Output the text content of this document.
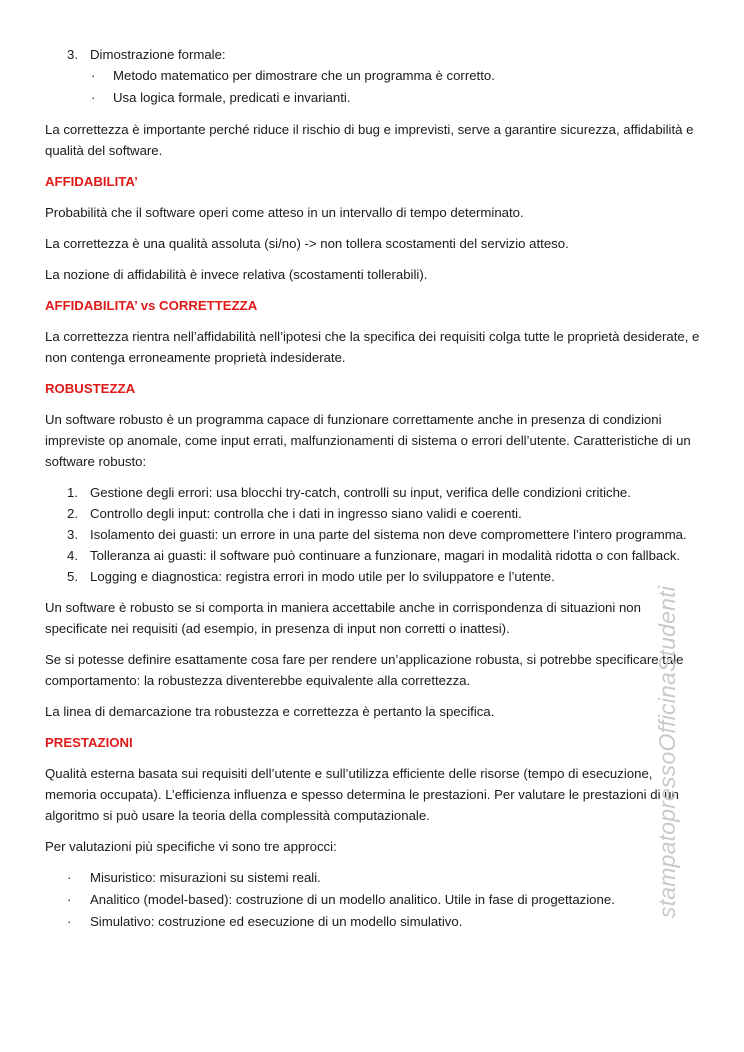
3. Dimostrazione formale:
· Metodo matematico per dimostrare che un programma è corretto.
· Usa logica formale, predicati e invarianti.

La correttezza è importante perché riduce il rischio di bug e imprevisti, serve a garantire sicurezza, affidabilità e qualità del software.

AFFIDABILITA’

Probabilità che il software operi come atteso in un intervallo di tempo determinato.

La correttezza è una qualità assoluta (si/no) -> non tollera scostamenti del servizio atteso.

La nozione di affidabilità è invece relativa (scostamenti tollerabili).

AFFIDABILITA’ vs CORRETTEZZA

La correttezza rientra nell’affidabilità nell’ipotesi che la specifica dei requisiti colga tutte le proprietà desiderate, e non contenga erroneamente proprietà indesiderate.

ROBUSTEZZA

Un software robusto è un programma capace di funzionare correttamente anche in presenza di condizioni impreviste op anomale, come input errati, malfunzionamenti di sistema o errori dell’utente. Caratteristiche di un software robusto:

1. Gestione degli errori: usa blocchi try-catch, controlli su input, verifica delle condizioni critiche.
2. Controllo degli input: controlla che i dati in ingresso siano validi e coerenti.
3. Isolamento dei guasti: un errore in una parte del sistema non deve compromettere l’intero programma.
4. Tolleranza ai guasti: il software può continuare a funzionare, magari in modalità ridotta o con fallback.
5. Logging e diagnostica: registra errori in modo utile per lo sviluppatore e l’utente.

Un software è robusto se si comporta in maniera accettabile anche in corrispondenza di situazioni non specificate nei requisiti (ad esempio, in presenza di input non corretti o inattesi).

Se si potesse definire esattamente cosa fare per rendere un’applicazione robusta, si potrebbe specificare tale comportamento: la robustezza diventerebbe equivalente alla correttezza.

La linea di demarcazione tra robustezza e correttezza è pertanto la specifica.

PRESTAZIONI

Qualità esterna basata sui requisiti dell’utente e sull’utilizza efficiente delle risorse (tempo di esecuzione, memoria occupata). L’efficienza influenza e spesso determina le prestazioni. Per valutare le prestazioni di un algoritmo si può usare la teoria della complessità computazionale.

Per valutazioni più specifiche vi sono tre approcci:

· Misuristico: misurazioni su sistemi reali.
· Analitico (model-based): costruzione di un modello analitico. Utile in fase di progettazione.
· Simulativo: costruzione ed esecuzione di un modello simulativo.
stampatopressoOfficinaStudenti
